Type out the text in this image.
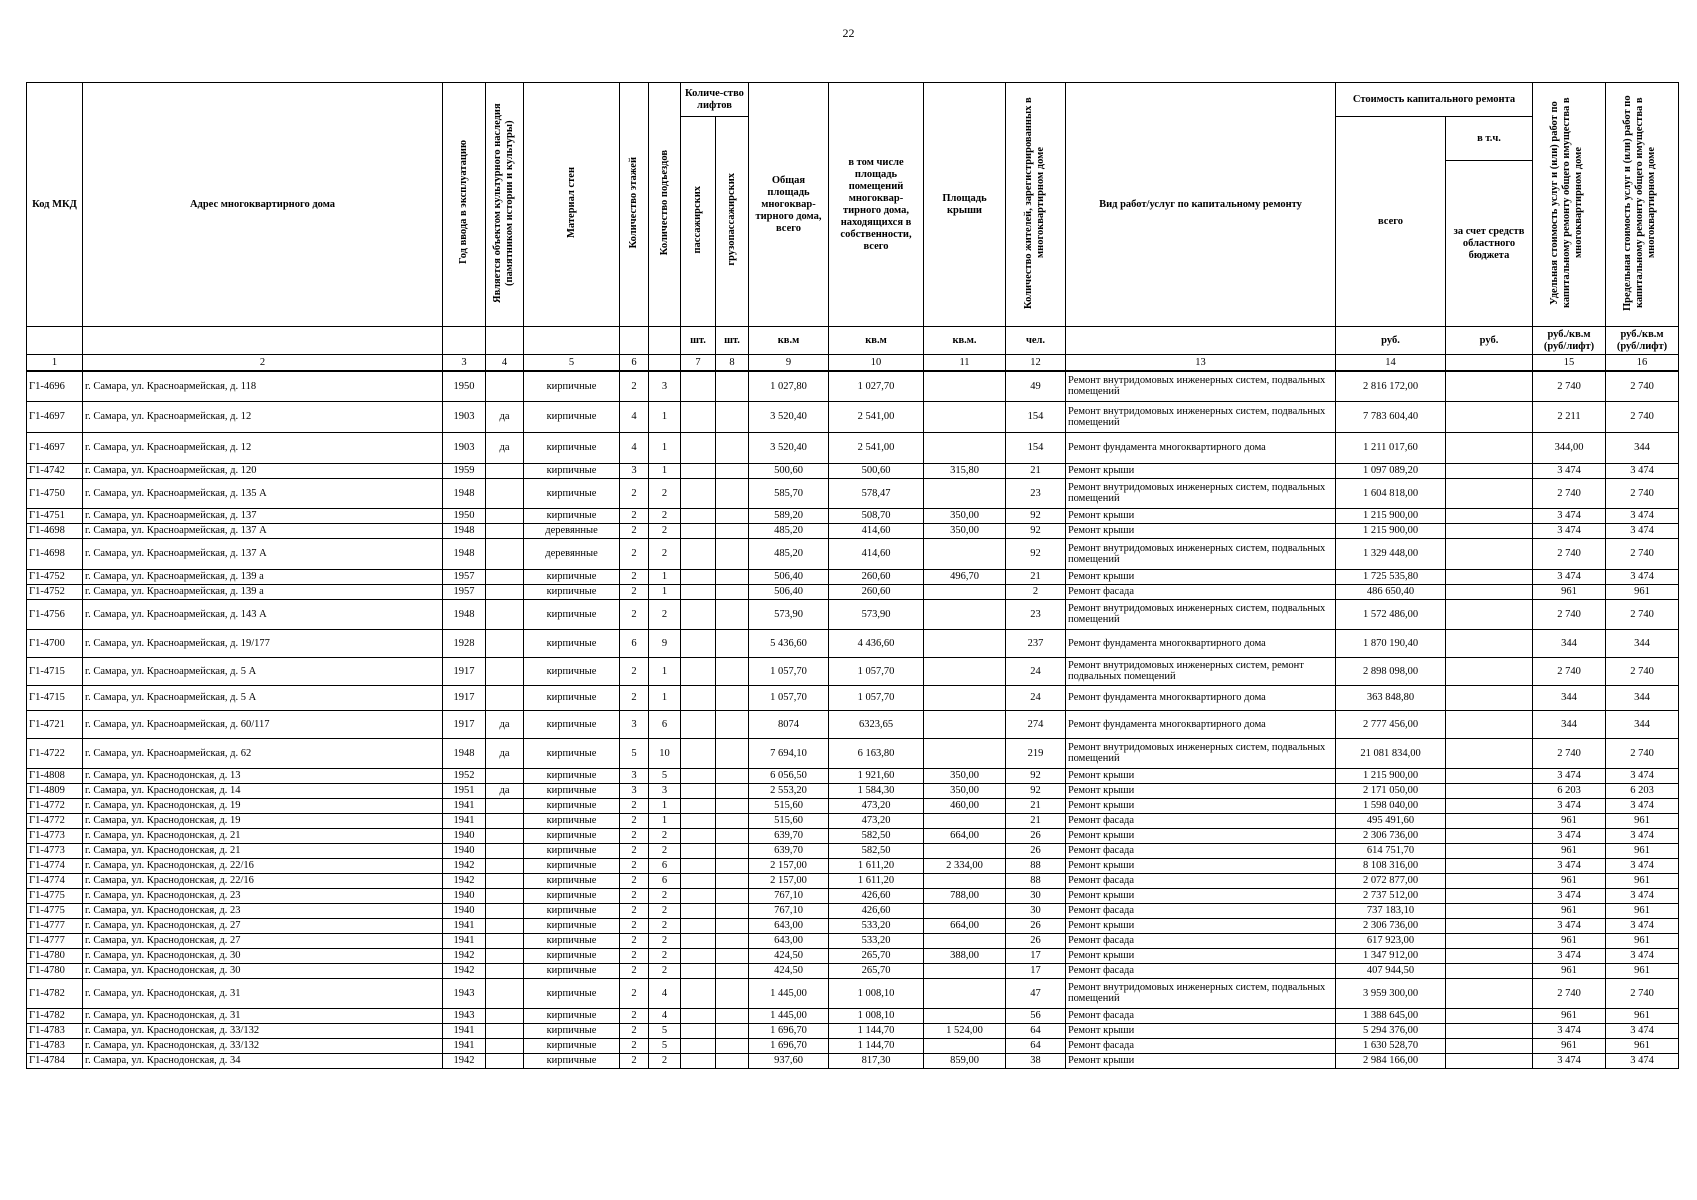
22
Код МКД	Адрес многоквартирного дома	Год ввода в эксплуатацию	Является объектом культурного наследия (памятником истории и культуры)	Материал стен	Количество этажей	Количество подъездов	Количе-ство лифтов		Общая площадь многоквар-тирного дома, всего	в том числе площадь помещений многоквар-тирного дома, находящихся в собственности, всего	Площадь крыши	Количество жителей, зарегистрированных в многоквартирном доме	Вид работ/услуг по капитальному ремонту	Стоимость капитального ремонта		Удельная стоимость услуг и (или) работ по капитальному ремонту общего имущества в многоквартирном доме	Предельная стоимость услуг и (или) работ по капитальному ремонту общего имущества в многоквартирном доме
							пассажирских	грузопассажирских						всего	в т.ч.		
															за счет средств областного бюджета		
							шт.	шт.	кв.м	кв.м	кв.м.	чел.		руб.	руб.	руб./кв.м (руб/лифт)	руб./кв.м (руб/лифт)
1	2	3	4	5	6		7	8	9	10	11	12	13	14		15	16
Г1-4696	г. Самара, ул. Красноармейская, д. 118	1950		кирпичные	2	3			1 027,80	1 027,70		49	Ремонт внутридомовых инженерных систем, подвальных помещений	2 816 172,00		2 740	2 740
Г1-4697	г. Самара, ул. Красноармейская, д. 12	1903	да	кирпичные	4	1			3 520,40	2 541,00		154	Ремонт внутридомовых инженерных систем, подвальных помещений	7 783 604,40		2 211	2 740
Г1-4697	г. Самара, ул. Красноармейская, д. 12	1903	да	кирпичные	4	1			3 520,40	2 541,00		154	Ремонт фундамента многоквартирного дома	1 211 017,60		344,00	344
Г1-4742	г. Самара, ул. Красноармейская, д. 120	1959		кирпичные	3	1			500,60	500,60	315,80	21	Ремонт крыши	1 097 089,20		3 474	3 474
Г1-4750	г. Самара, ул. Красноармейская, д. 135 А	1948		кирпичные	2	2			585,70	578,47		23	Ремонт внутридомовых инженерных систем, подвальных помещений	1 604 818,00		2 740	2 740
Г1-4751	г. Самара, ул. Красноармейская, д. 137	1950		кирпичные	2	2			589,20	508,70	350,00	92	Ремонт крыши	1 215 900,00		3 474	3 474
Г1-4698	г. Самара, ул. Красноармейская, д. 137 А	1948		деревянные	2	2			485,20	414,60	350,00	92	Ремонт крыши	1 215 900,00		3 474	3 474
Г1-4698	г. Самара, ул. Красноармейская, д. 137 А	1948		деревянные	2	2			485,20	414,60		92	Ремонт внутридомовых инженерных систем, подвальных помещений	1 329 448,00		2 740	2 740
Г1-4752	г. Самара, ул. Красноармейская, д. 139 а	1957		кирпичные	2	1			506,40	260,60	496,70	21	Ремонт крыши	1 725 535,80		3 474	3 474
Г1-4752	г. Самара, ул. Красноармейская, д. 139 а	1957		кирпичные	2	1			506,40	260,60		2	Ремонт фасада	486 650,40		961	961
Г1-4756	г. Самара, ул. Красноармейская, д. 143 А	1948		кирпичные	2	2			573,90	573,90		23	Ремонт внутридомовых инженерных систем, подвальных помещений	1 572 486,00		2 740	2 740
Г1-4700	г. Самара, ул. Красноармейская, д. 19/177	1928		кирпичные	6	9			5 436,60	4 436,60		237	Ремонт фундамента многоквартирного дома	1 870 190,40		344	344
Г1-4715	г. Самара, ул. Красноармейская, д. 5 А	1917		кирпичные	2	1			1 057,70	1 057,70		24	Ремонт внутридомовых инженерных систем, ремонт подвальных помещений	2 898 098,00		2 740	2 740
Г1-4715	г. Самара, ул. Красноармейская, д. 5 А	1917		кирпичные	2	1			1 057,70	1 057,70		24	Ремонт фундамента многоквартирного дома	363 848,80		344	344
Г1-4721	г. Самара, ул. Красноармейская, д. 60/117	1917	да	кирпичные	3	6			8074	6323,65		274	Ремонт фундамента многоквартирного дома	2 777 456,00		344	344
Г1-4722	г. Самара, ул. Красноармейская, д. 62	1948	да	кирпичные	5	10			7 694,10	6 163,80		219	Ремонт внутридомовых инженерных систем, подвальных помещений	21 081 834,00		2 740	2 740
Г1-4808	г. Самара, ул. Краснодонская, д. 13	1952		кирпичные	3	5			6 056,50	1 921,60	350,00	92	Ремонт крыши	1 215 900,00		3 474	3 474
Г1-4809	г. Самара, ул. Краснодонская, д. 14	1951	да	кирпичные	3	3			2 553,20	1 584,30	350,00	92	Ремонт крыши	2 171 050,00		6 203	6 203
Г1-4772	г. Самара, ул. Краснодонская, д. 19	1941		кирпичные	2	1			515,60	473,20	460,00	21	Ремонт крыши	1 598 040,00		3 474	3 474
Г1-4772	г. Самара, ул. Краснодонская, д. 19	1941		кирпичные	2	1			515,60	473,20		21	Ремонт фасада	495 491,60		961	961
Г1-4773	г. Самара, ул. Краснодонская, д. 21	1940		кирпичные	2	2			639,70	582,50	664,00	26	Ремонт крыши	2 306 736,00		3 474	3 474
Г1-4773	г. Самара, ул. Краснодонская, д. 21	1940		кирпичные	2	2			639,70	582,50		26	Ремонт фасада	614 751,70		961	961
Г1-4774	г. Самара, ул. Краснодонская, д. 22/16	1942		кирпичные	2	6			2 157,00	1 611,20	2 334,00	88	Ремонт крыши	8 108 316,00		3 474	3 474
Г1-4774	г. Самара, ул. Краснодонская, д. 22/16	1942		кирпичные	2	6			2 157,00	1 611,20		88	Ремонт фасада	2 072 877,00		961	961
Г1-4775	г. Самара, ул. Краснодонская, д. 23	1940		кирпичные	2	2			767,10	426,60	788,00	30	Ремонт крыши	2 737 512,00		3 474	3 474
Г1-4775	г. Самара, ул. Краснодонская, д. 23	1940		кирпичные	2	2			767,10	426,60		30	Ремонт фасада	737 183,10		961	961
Г1-4777	г. Самара, ул. Краснодонская, д. 27	1941		кирпичные	2	2			643,00	533,20	664,00	26	Ремонт крыши	2 306 736,00		3 474	3 474
Г1-4777	г. Самара, ул. Краснодонская, д. 27	1941		кирпичные	2	2			643,00	533,20		26	Ремонт фасада	617 923,00		961	961
Г1-4780	г. Самара, ул. Краснодонская, д. 30	1942		кирпичные	2	2			424,50	265,70	388,00	17	Ремонт крыши	1 347 912,00		3 474	3 474
Г1-4780	г. Самара, ул. Краснодонская, д. 30	1942		кирпичные	2	2			424,50	265,70		17	Ремонт фасада	407 944,50		961	961
Г1-4782	г. Самара, ул. Краснодонская, д. 31	1943		кирпичные	2	4			1 445,00	1 008,10		47	Ремонт внутридомовых инженерных систем, подвальных помещений	3 959 300,00		2 740	2 740
Г1-4782	г. Самара, ул. Краснодонская, д. 31	1943		кирпичные	2	4			1 445,00	1 008,10		56	Ремонт фасада	1 388 645,00		961	961
Г1-4783	г. Самара, ул. Краснодонская, д. 33/132	1941		кирпичные	2	5			1 696,70	1 144,70	1 524,00	64	Ремонт крыши	5 294 376,00		3 474	3 474
Г1-4783	г. Самара, ул. Краснодонская, д. 33/132	1941		кирпичные	2	5			1 696,70	1 144,70		64	Ремонт фасада	1 630 528,70		961	961
Г1-4784	г. Самара, ул. Краснодонская, д. 34	1942		кирпичные	2	2			937,60	817,30	859,00	38	Ремонт крыши	2 984 166,00		3 474	3 474
